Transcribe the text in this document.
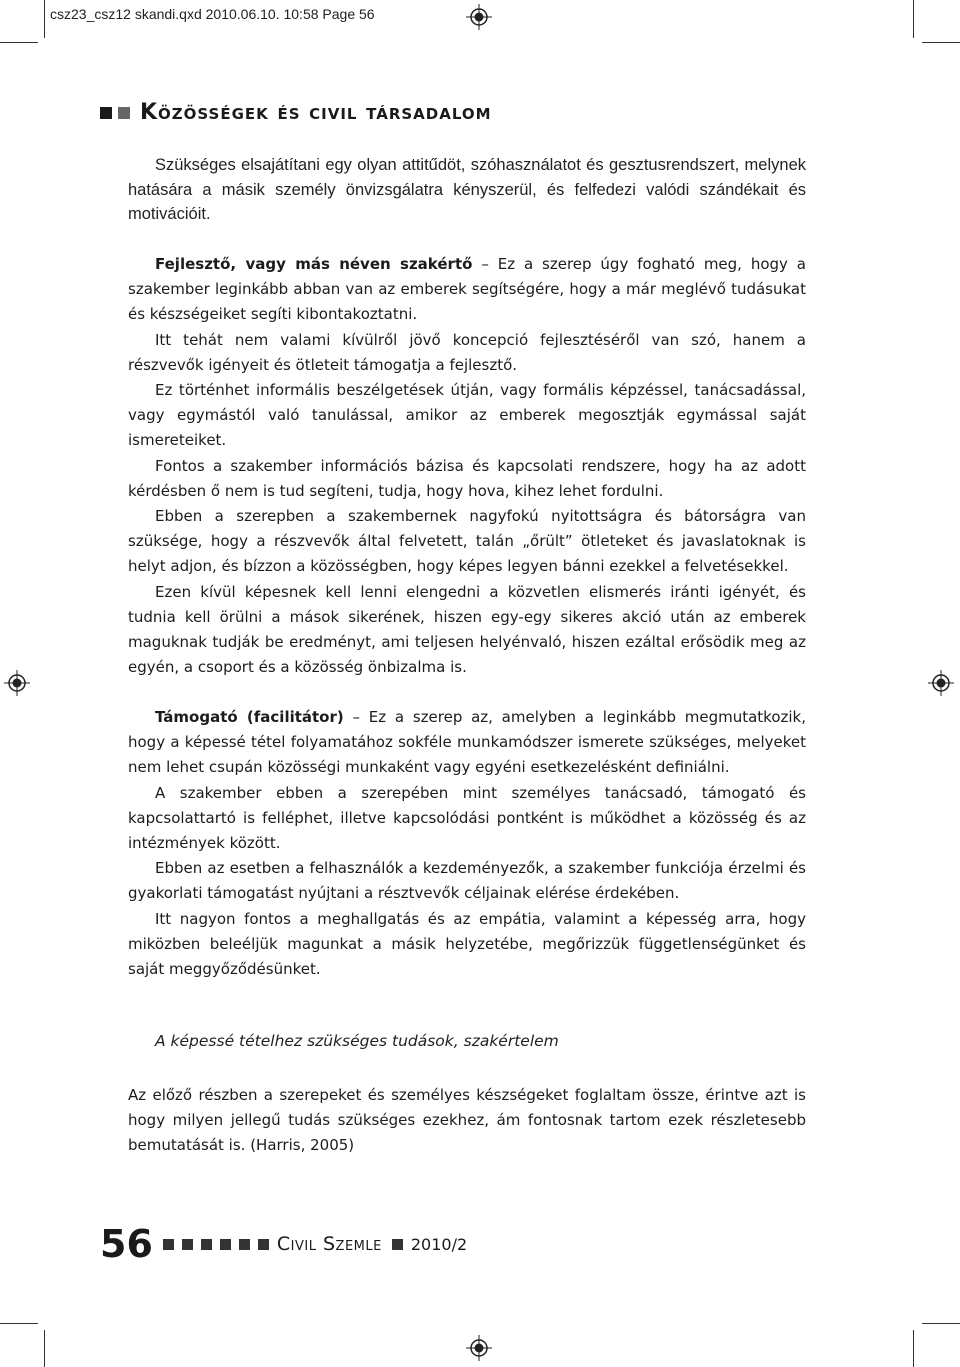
csz23_csz12 skandi.qxd 2010.06.10. 10:58 Page 56
Közösségek és civil társadalom

Szükséges elsajátítani egy olyan attitűdöt, szóhasználatot és gesztusrendszert, melynek hatására a másik személy önvizsgálatra kényszerül, és felfedezi valódi szándékait és motivációit.

Fejlesztő, vagy más néven szakértő – Ez a szerep úgy fogható meg, hogy a szakember leginkább abban van az emberek segítségére, hogy a már meglévő tudásukat és készségeiket segíti kibontakoztatni.

Itt tehát nem valami kívülről jövő koncepció fejlesztéséről van szó, hanem a részvevők igényeit és ötleteit támogatja a fejlesztő.

Ez történhet informális beszélgetések útján, vagy formális képzéssel, tanácsadással, vagy egymástól való tanulással, amikor az emberek megosztják egymással saját ismereteiket.

Fontos a szakember információs bázisa és kapcsolati rendszere, hogy ha az adott kérdésben ő nem is tud segíteni, tudja, hogy hova, kihez lehet fordulni.

Ebben a szerepben a szakembernek nagyfokú nyitottságra és bátorságra van szüksége, hogy a részvevők által felvetett, talán „őrült” ötleteket és javaslatoknak is helyt adjon, és bízzon a közösségben, hogy képes legyen bánni ezekkel a felvetésekkel.

Ezen kívül képesnek kell lenni elengedni a közvetlen elismerés iránti igényét, és tudnia kell örülni a mások sikerének, hiszen egy-egy sikeres akció után az emberek maguknak tudják be eredményt, ami teljesen helyénvaló, hiszen ezáltal erősödik meg az egyén, a csoport és a közösség önbizalma is.

Támogató (facilitátor) – Ez a szerep az, amelyben a leginkább megmutatkozik, hogy a képessé tétel folyamatához sokféle munkamódszer ismerete szükséges, melyeket nem lehet csupán közösségi munkaként vagy egyéni esetkezelésként definiálni.

A szakember ebben a szerepében mint személyes tanácsadó, támogató és kapcsolattartó is felléphet, illetve kapcsolódási pontként is működhet a közösség és az intézmények között.

Ebben az esetben a felhasználók a kezdeményezők, a szakember funkciója érzelmi és gyakorlati támogatást nyújtani a résztvevők céljainak elérése érdekében.

Itt nagyon fontos a meghallgatás és az empátia, valamint a képesség arra, hogy miközben beleéljük magunkat a másik helyzetébe, megőrizzük függetlenségünket és saját meggyőződésünket.

A képessé tételhez szükséges tudások, szakértelem

Az előző részben a szerepeket és személyes készségeket foglaltam össze, érintve azt is hogy milyen jellegű tudás szükséges ezekhez, ám fontosnak tartom ezek részletesebb bemutatását is. (Harris, 2005)

56	Civil Szemle 2010/2
